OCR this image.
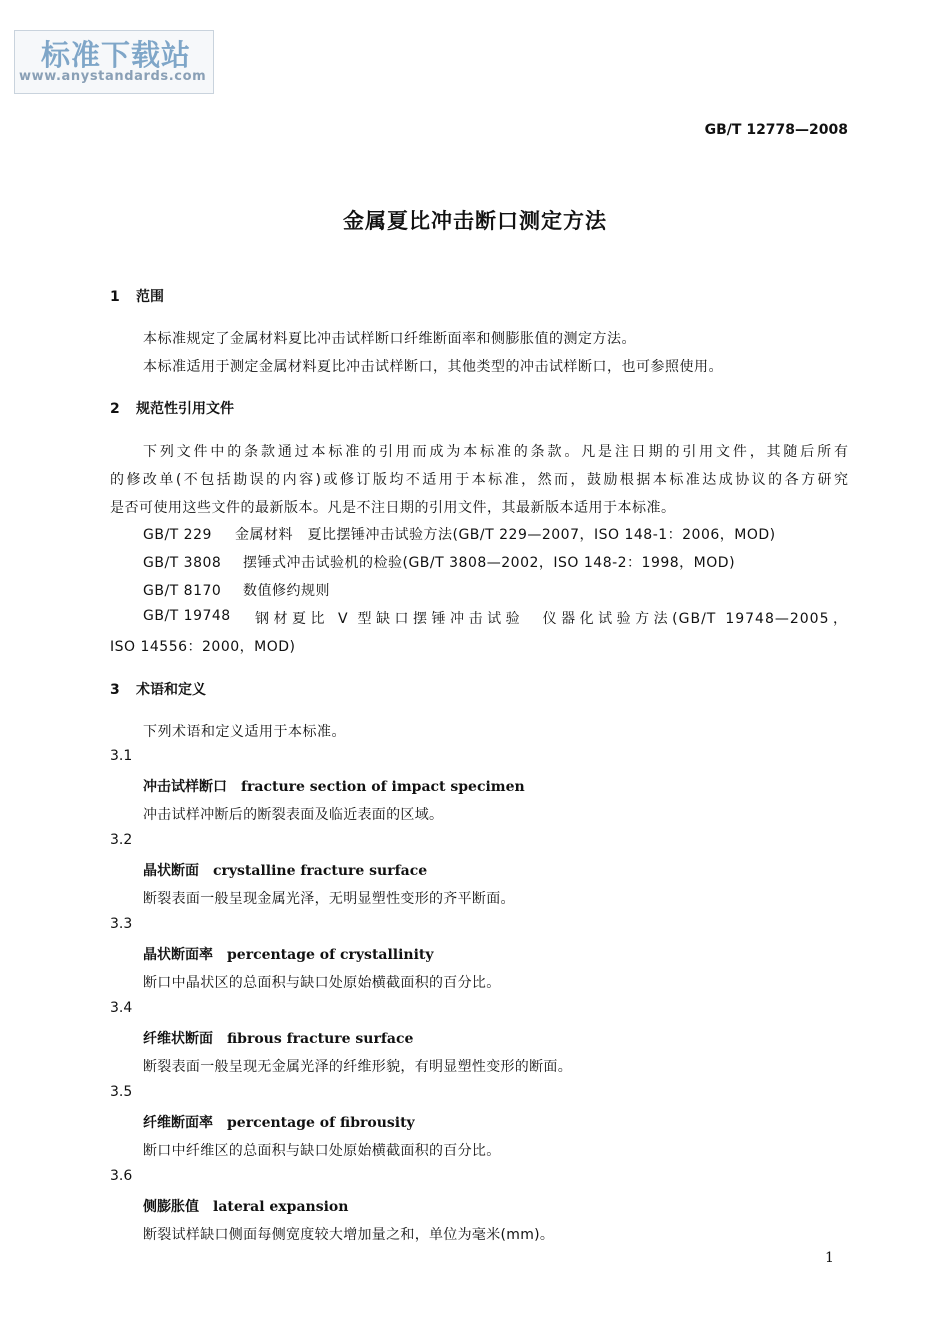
标准下载站
www.anystandards.com
GB/T 12778—2008
金属夏比冲击断口测定方法
1 范围
本标准规定了金属材料夏比冲击试样断口纤维断面率和侧膨胀值的测定方法。
本标准适用于测定金属材料夏比冲击试样断口，其他类型的冲击试样断口，也可参照使用。
2 规范性引用文件
下列文件中的条款通过本标准的引用而成为本标准的条款。凡是注日期的引用文件，其随后所有
的修改单(不包括勘误的内容)或修订版均不适用于本标准，然而，鼓励根据本标准达成协议的各方研究
是否可使用这些文件的最新版本。凡是不注日期的引用文件，其最新版本适用于本标准。
GB/T 229 金属材料　夏比摆锤冲击试验方法(GB/T 229—2007，ISO 148-1：2006，MOD)
GB/T 3808 摆锤式冲击试验机的检验(GB/T 3808—2002，ISO 148-2：1998，MOD)
GB/T 8170 数值修约规则
GB/T 19748	钢材夏比 V 型缺口摆锤冲击试验　仪器化试验方法(GB/T 19748—2005，
ISO 14556：2000，MOD)
3 术语和定义
下列术语和定义适用于本标准。
3.1
冲击试样断口 fracture section of impact specimen
冲击试样冲断后的断裂表面及临近表面的区域。
3.2
晶状断面 crystalline fracture surface
断裂表面一般呈现金属光泽，无明显塑性变形的齐平断面。
3.3
晶状断面率 percentage of crystallinity
断口中晶状区的总面积与缺口处原始横截面积的百分比。
3.4
纤维状断面 fibrous fracture surface
断裂表面一般呈现无金属光泽的纤维形貌，有明显塑性变形的断面。
3.5
纤维断面率 percentage of fibrousity
断口中纤维区的总面积与缺口处原始横截面积的百分比。
3.6
侧膨胀值 lateral expansion
断裂试样缺口侧面每侧宽度较大增加量之和，单位为毫米(mm)。
1
